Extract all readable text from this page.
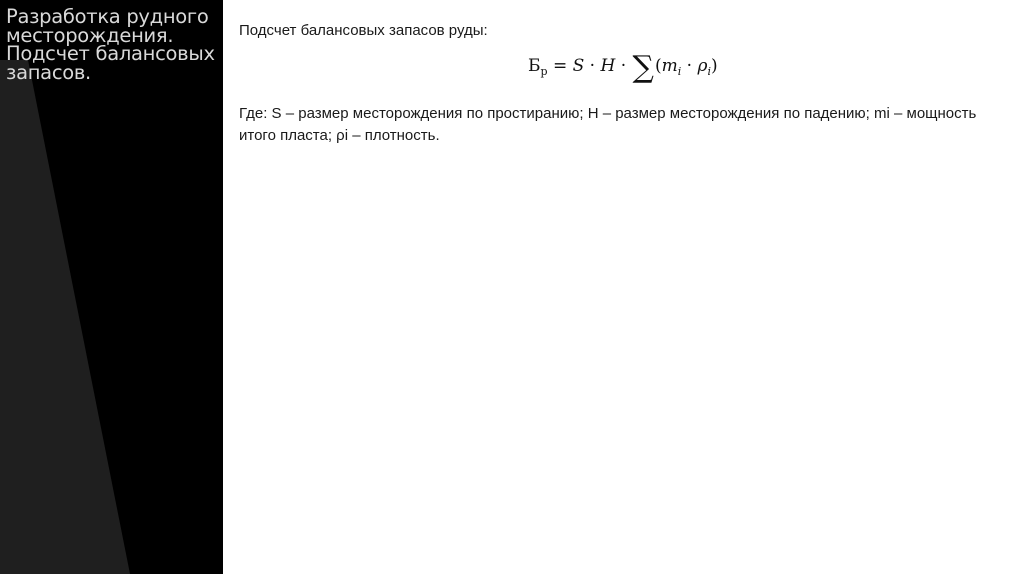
Разработка рудного месторождения. Подсчет балансовых запасов.

Подсчет балансовых запасов руды:

$Б_р = S \cdot H \cdot \sum(m_i \cdot \rho_i)$

Где: S – размер месторождения по простиранию; H – размер месторождения по падению; mi – мощность итого пласта; ρi – плотность.
